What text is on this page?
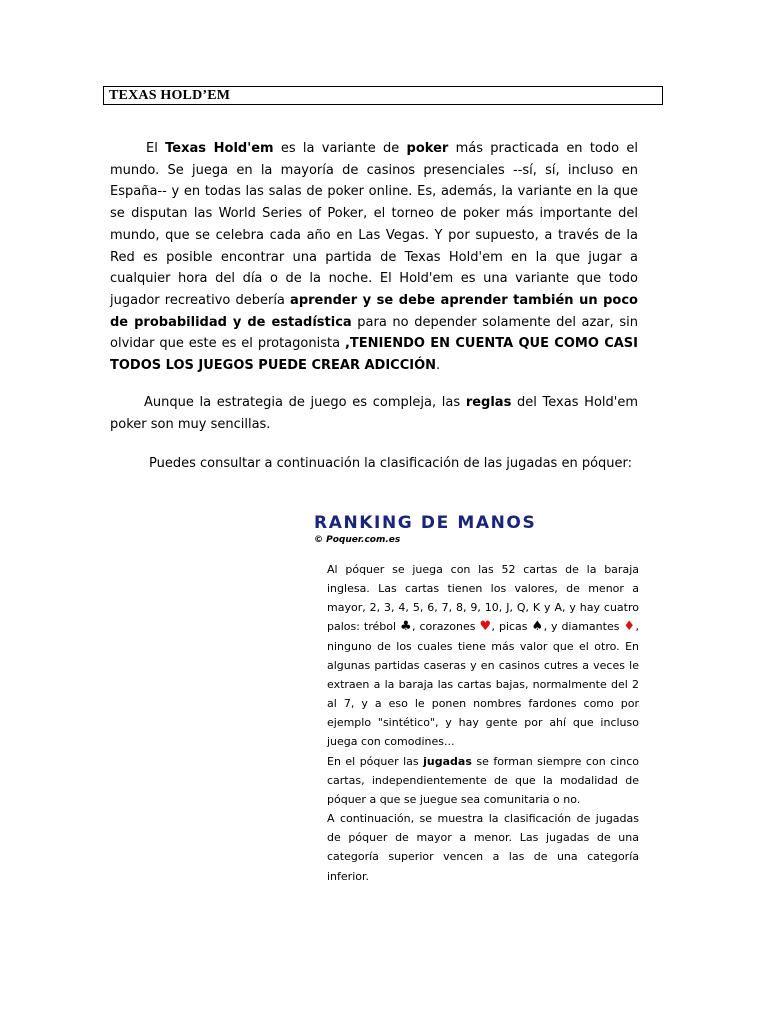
TEXAS HOLD’EM
El Texas Hold'em es la variante de poker más practicada en todo el mundo. Se juega en la mayoría de casinos presenciales --sí, sí, incluso en España-- y en todas las salas de poker online. Es, además, la variante en la que se disputan las World Series of Poker, el torneo de poker más importante del mundo, que se celebra cada año en Las Vegas. Y por supuesto, a través de la Red es posible encontrar una partida de Texas Hold'em en la que jugar a cualquier hora del día o de la noche. El Hold'em es una variante que todo jugador recreativo debería aprender y se debe aprender también un poco de probabilidad y de estadística para no depender solamente del azar, sin olvidar que este es el protagonista ,TENIENDO EN CUENTA QUE COMO CASI TODOS LOS JUEGOS PUEDE CREAR ADICCIÓN.
Aunque la estrategia de juego es compleja, las reglas del Texas Hold'em poker son muy sencillas.
Puedes consultar a continuación la clasificación de las jugadas en póquer:
RANKING DE MANOS
© Poquer.com.es

Al póquer se juega con las 52 cartas de la baraja inglesa. Las cartas tienen los valores, de menor a mayor, 2, 3, 4, 5, 6, 7, 8, 9, 10, J, Q, K y A, y hay cuatro palos: trébol ♣, corazones ♥, picas ♠, y diamantes ♦, ninguno de los cuales tiene más valor que el otro. En algunas partidas caseras y en casinos cutres a veces le extraen a la baraja las cartas bajas, normalmente del 2 al 7, y a eso le ponen nombres fardones como por ejemplo "sintético", y hay gente por ahí que incluso juega con comodines...

En el póquer las jugadas se forman siempre con cinco cartas, independientemente de que la modalidad de póquer a que se juegue sea comunitaria o no.

A continuación, se muestra la clasificación de jugadas de póquer de mayor a menor. Las jugadas de una categoría superior vencen a las de una categoría inferior.
